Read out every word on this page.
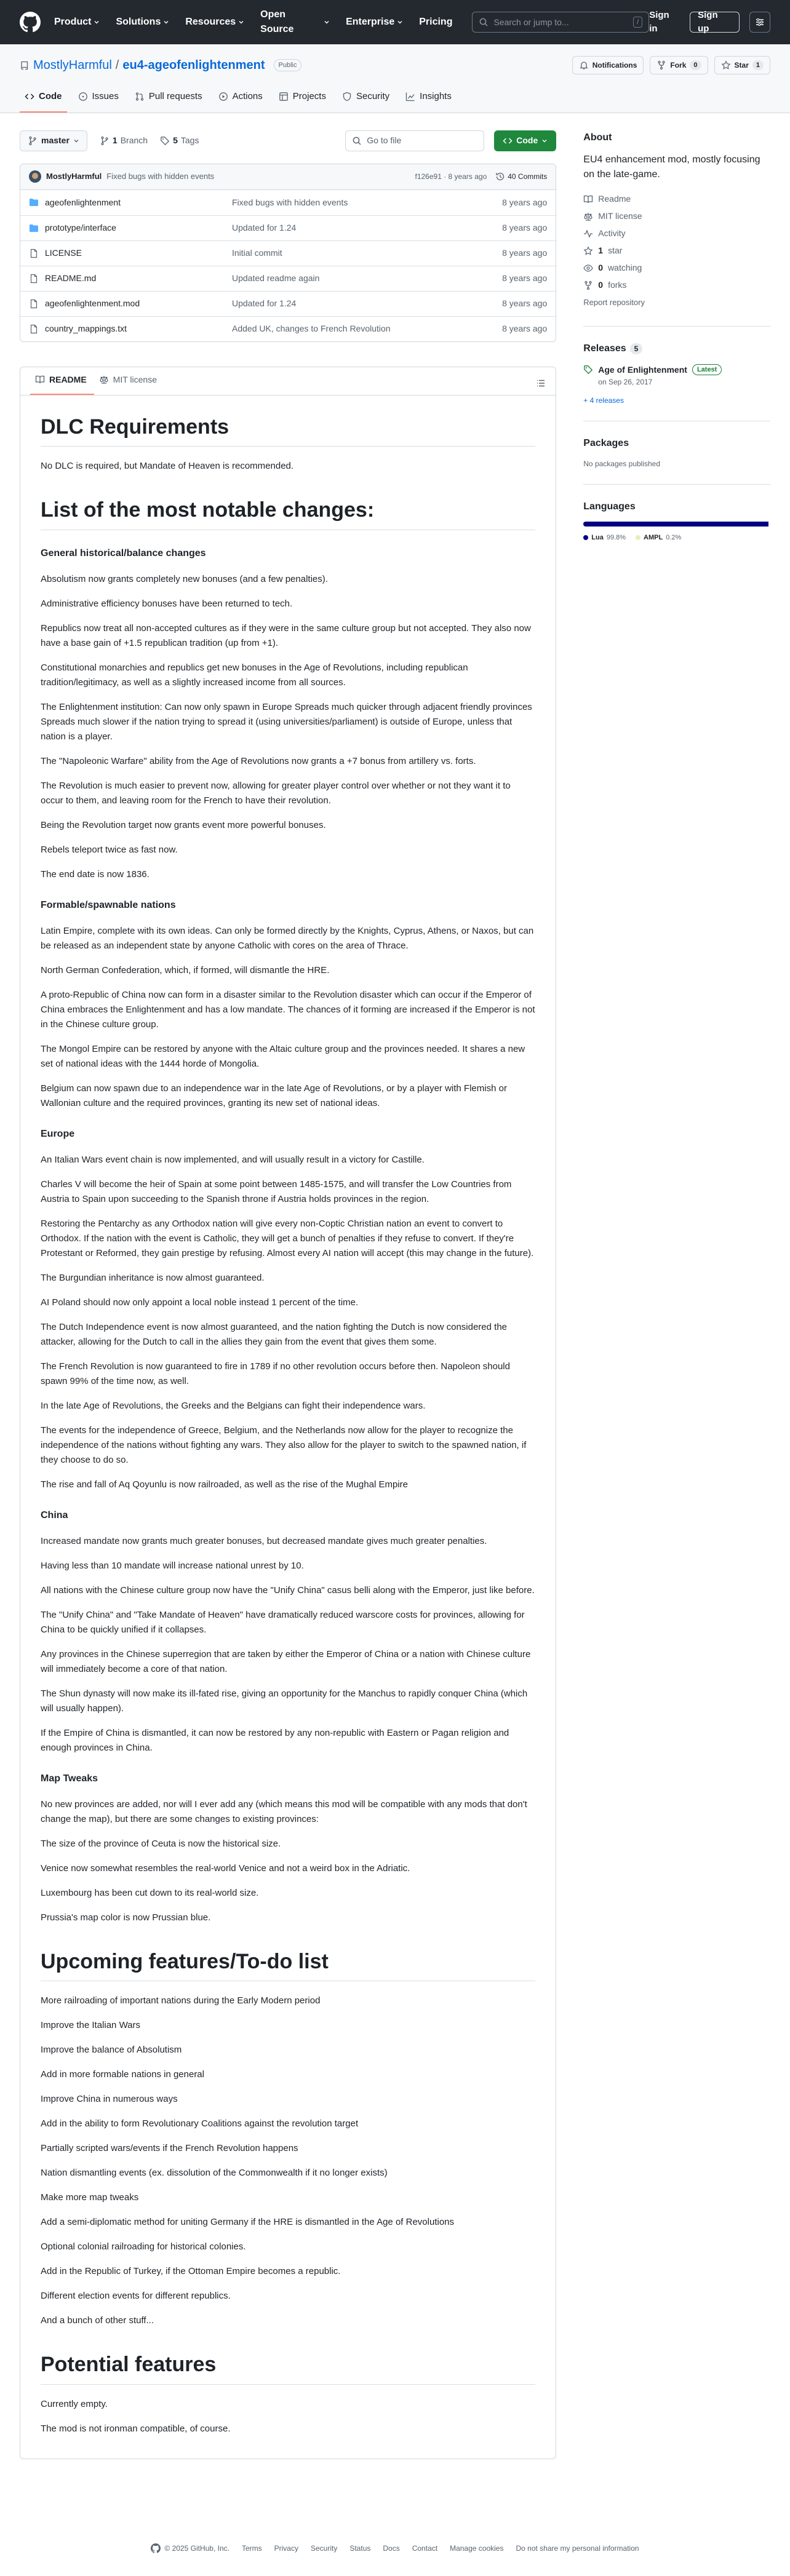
Product	Solutions	Resources
Open Source
Enterprise	Pricing	Search or jump to...	/
Sign in
Sign up
MostlyHarmful / eu4-ageofenlightenment	Public	Notifications	Fork	0	Star	1
Code	Issues	Pull requests	Actions	Projects	Security	Insights
master	1 Branch	5 Tags	Go to file	Code
MostlyHarmful Fixed bugs with hidden events	f126e91 · 8 years ago	40 Commits
ageofenlightenment	Fixed bugs with hidden events	8 years ago
prototype/interface	Updated for 1.24	8 years ago
LICENSE	Initial commit	8 years ago
README.md	Updated readme again	8 years ago
ageofenlightenment.mod	Updated for 1.24	8 years ago
country_mappings.txt	Added UK, changes to French Revolution	8 years ago
README	MIT license
DLC Requirements

No DLC is required, but Mandate of Heaven is recommended.

List of the most notable changes:
General historical/balance changes

Absolutism now grants completely new bonuses (and a few penalties).

Administrative efficiency bonuses have been returned to tech.

Republics now treat all non-accepted cultures as if they were in the same culture group but not accepted. They also now have a base gain of +1.5 republican tradition (up from +1).

Constitutional monarchies and republics get new bonuses in the Age of Revolutions, including republican tradition/legitimacy, as well as a slightly increased income from all sources.

The Enlightenment institution: Can now only spawn in Europe Spreads much quicker through adjacent friendly provinces Spreads much slower if the nation trying to spread it (using universities/parliament) is outside of Europe, unless that nation is a player.

The "Napoleonic Warfare" ability from the Age of Revolutions now grants a +7 bonus from artillery vs. forts.

The Revolution is much easier to prevent now, allowing for greater player control over whether or not they want it to occur to them, and leaving room for the French to have their revolution.

Being the Revolution target now grants event more powerful bonuses.

Rebels teleport twice as fast now.

The end date is now 1836.

Formable/spawnable nations

Latin Empire, complete with its own ideas. Can only be formed directly by the Knights, Cyprus, Athens, or Naxos, but can be released as an independent state by anyone Catholic with cores on the area of Thrace.

North German Confederation, which, if formed, will dismantle the HRE.

A proto-Republic of China now can form in a disaster similar to the Revolution disaster which can occur if the Emperor of China embraces the Enlightenment and has a low mandate. The chances of it forming are increased if the Emperor is not in the Chinese culture group.

The Mongol Empire can be restored by anyone with the Altaic culture group and the provinces needed. It shares a new set of national ideas with the 1444 horde of Mongolia.

Belgium can now spawn due to an independence war in the late Age of Revolutions, or by a player with Flemish or Wallonian culture and the required provinces, granting its new set of national ideas.

Europe

An Italian Wars event chain is now implemented, and will usually result in a victory for Castille.

Charles V will become the heir of Spain at some point between 1485-1575, and will transfer the Low Countries from Austria to Spain upon succeeding to the Spanish throne if Austria holds provinces in the region.

Restoring the Pentarchy as any Orthodox nation will give every non-Coptic Christian nation an event to convert to Orthodox. If the nation with the event is Catholic, they will get a bunch of penalties if they refuse to convert. If they're Protestant or Reformed, they gain prestige by refusing. Almost every AI nation will accept (this may change in the future).

The Burgundian inheritance is now almost guaranteed.

AI Poland should now only appoint a local noble instead 1 percent of the time.

The Dutch Independence event is now almost guaranteed, and the nation fighting the Dutch is now considered the attacker, allowing for the Dutch to call in the allies they gain from the event that gives them some.

The French Revolution is now guaranteed to fire in 1789 if no other revolution occurs before then. Napoleon should spawn 99% of the time now, as well.

In the late Age of Revolutions, the Greeks and the Belgians can fight their independence wars.

The events for the independence of Greece, Belgium, and the Netherlands now allow for the player to recognize the independence of the nations without fighting any wars. They also allow for the player to switch to the spawned nation, if they choose to do so.

The rise and fall of Aq Qoyunlu is now railroaded, as well as the rise of the Mughal Empire

China

Increased mandate now grants much greater bonuses, but decreased mandate gives much greater penalties.

Having less than 10 mandate will increase national unrest by 10.

All nations with the Chinese culture group now have the "Unify China" casus belli along with the Emperor, just like before.

The "Unify China" and "Take Mandate of Heaven" have dramatically reduced warscore costs for provinces, allowing for China to be quickly unified if it collapses.

Any provinces in the Chinese superregion that are taken by either the Emperor of China or a nation with Chinese culture will immediately become a core of that nation.

The Shun dynasty will now make its ill-fated rise, giving an opportunity for the Manchus to rapidly conquer China (which will usually happen).

If the Empire of China is dismantled, it can now be restored by any non-republic with Eastern or Pagan religion and enough provinces in China.

Map Tweaks

No new provinces are added, nor will I ever add any (which means this mod will be compatible with any mods that don't change the map), but there are some changes to existing provinces:

The size of the province of Ceuta is now the historical size.

Venice now somewhat resembles the real-world Venice and not a weird box in the Adriatic.

Luxembourg has been cut down to its real-world size.

Prussia's map color is now Prussian blue.

Upcoming features/To-do list

More railroading of important nations during the Early Modern period

Improve the Italian Wars

Improve the balance of Absolutism

Add in more formable nations in general

Improve China in numerous ways

Add in the ability to form Revolutionary Coalitions against the revolution target

Partially scripted wars/events if the French Revolution happens

Nation dismantling events (ex. dissolution of the Commonwealth if it no longer exists)

Make more map tweaks

Add a semi-diplomatic method for uniting Germany if the HRE is dismantled in the Age of Revolutions

Optional colonial railroading for historical colonies.

Add in the Republic of Turkey, if the Ottoman Empire becomes a republic.

Different election events for different republics.

And a bunch of other stuff...

Potential features

Currently empty.

The mod is not ironman compatible, of course.

About
EU4 enhancement mod, mostly focusing on the late-game.
Readme
MIT license
Activity
1 star
0 watching
0 forks
Report repository
Releases	5
Age of Enlightenment	Latest
on Sep 26, 2017
+ 4 releases
Packages
No packages published
Languages
Lua 99.8%	AMPL 0.2%
© 2025 GitHub, Inc. Terms Privacy Security Status Docs Contact Manage cookies Do not share my personal information
